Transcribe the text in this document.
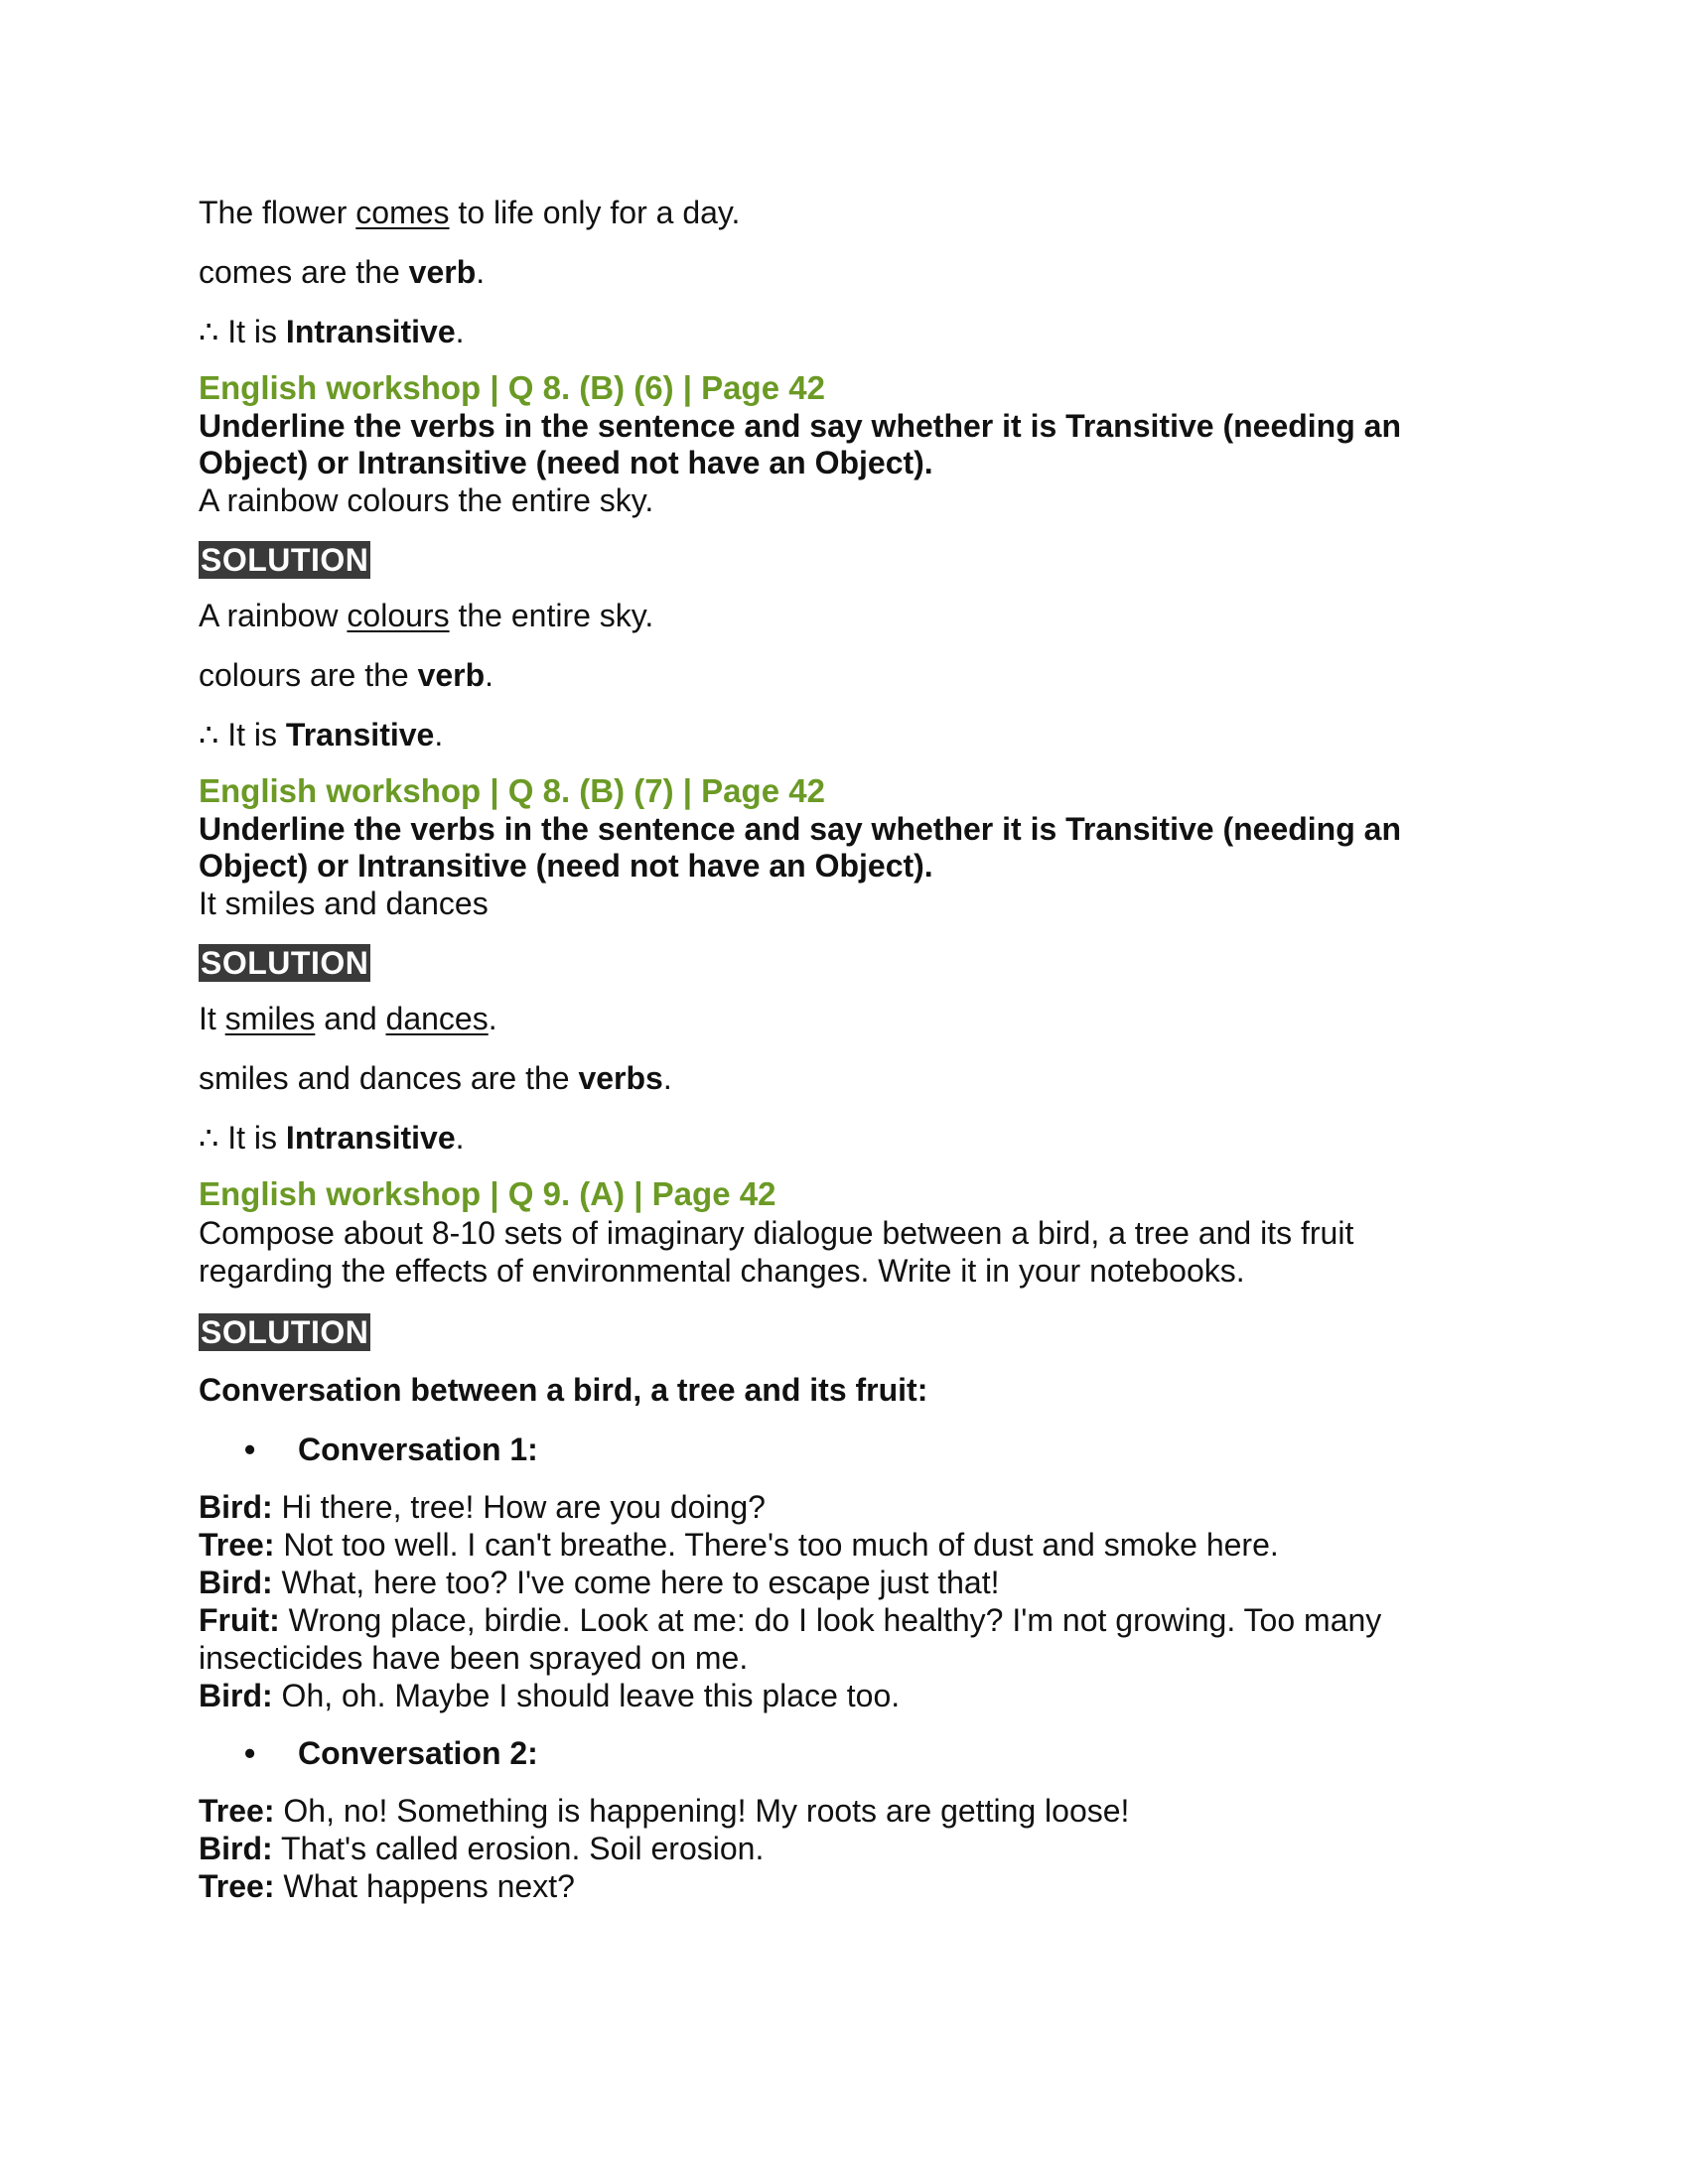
The flower comes to life only for a day.

comes are the verb.

∴ It is Intransitive.

English workshop | Q 8. (B) (6) | Page 42

Underline the verbs in the sentence and say whether it is Transitive (needing an Object) or Intransitive (need not have an Object).

A rainbow colours the entire sky.

SOLUTION

A rainbow colours the entire sky.

colours are the verb.

∴ It is Transitive.

English workshop | Q 8. (B) (7) | Page 42

Underline the verbs in the sentence and say whether it is Transitive (needing an Object) or Intransitive (need not have an Object).

It smiles and dances

SOLUTION

It smiles and dances.

smiles and dances are the verbs.

∴ It is Intransitive.

English workshop | Q 9. (A) | Page 42

Compose about 8-10 sets of imaginary dialogue between a bird, a tree and its fruit regarding the effects of environmental changes. Write it in your notebooks.

SOLUTION

Conversation between a bird, a tree and its fruit:

• Conversation 1:

Bird: Hi there, tree! How are you doing?

Tree: Not too well. I can't breathe. There's too much of dust and smoke here.

Bird: What, here too? I've come here to escape just that!

Fruit: Wrong place, birdie. Look at me: do I look healthy? I'm not growing. Too many insecticides have been sprayed on me.

Bird: Oh, oh. Maybe I should leave this place too.

• Conversation 2:

Tree: Oh, no! Something is happening! My roots are getting loose!

Bird: That's called erosion. Soil erosion.

Tree: What happens next?
